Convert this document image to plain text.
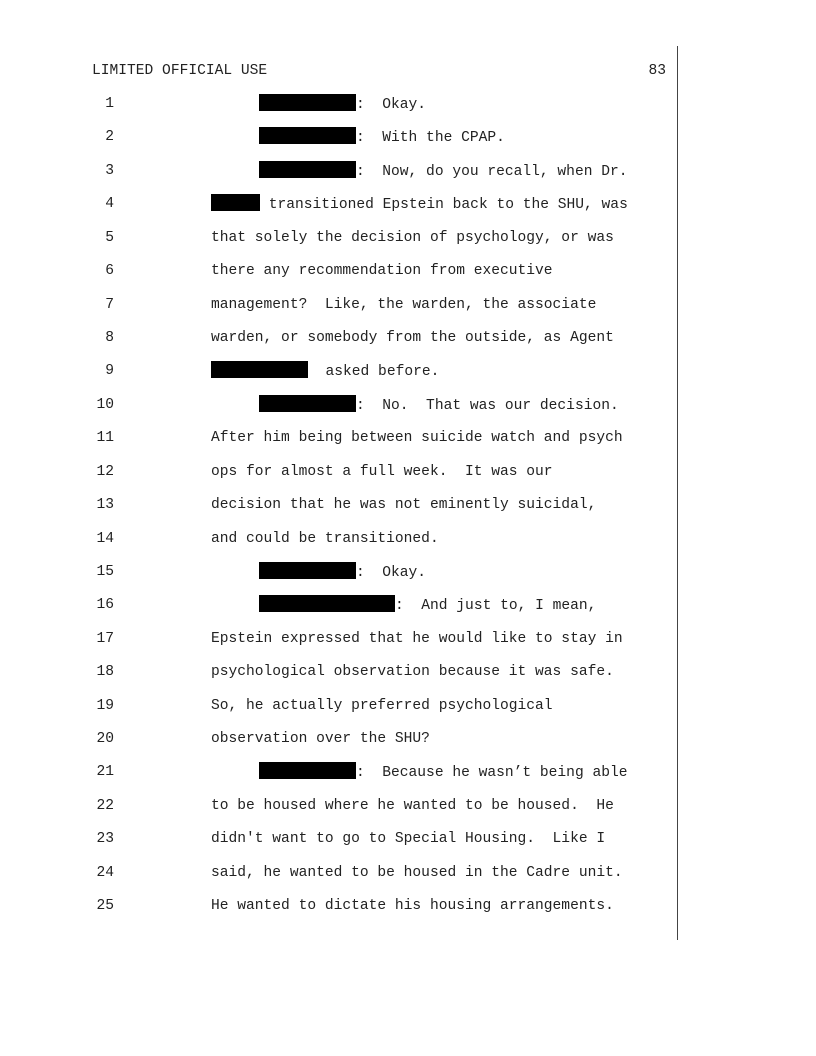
LIMITED OFFICIAL USE	83
1	:  Okay.
2	:  With the CPAP.
3	:  Now, do you recall, when Dr.
4	transitioned Epstein back to the SHU, was
5	that solely the decision of psychology, or was
6	there any recommendation from executive
7	management?  Like, the warden, the associate
8	warden, or somebody from the outside, as Agent
9	asked before.
10	:  No.  That was our decision.
11	After him being between suicide watch and psych
12	ops for almost a full week.  It was our
13	decision that he was not eminently suicidal,
14	and could be transitioned.
15	:  Okay.
16	:  And just to, I mean,
17	Epstein expressed that he would like to stay in
18	psychological observation because it was safe.
19	So, he actually preferred psychological
20	observation over the SHU?
21	:  Because he wasn’t being able
22	to be housed where he wanted to be housed.  He
23	didn't want to go to Special Housing.  Like I
24	said, he wanted to be housed in the Cadre unit.
25	He wanted to dictate his housing arrangements.
